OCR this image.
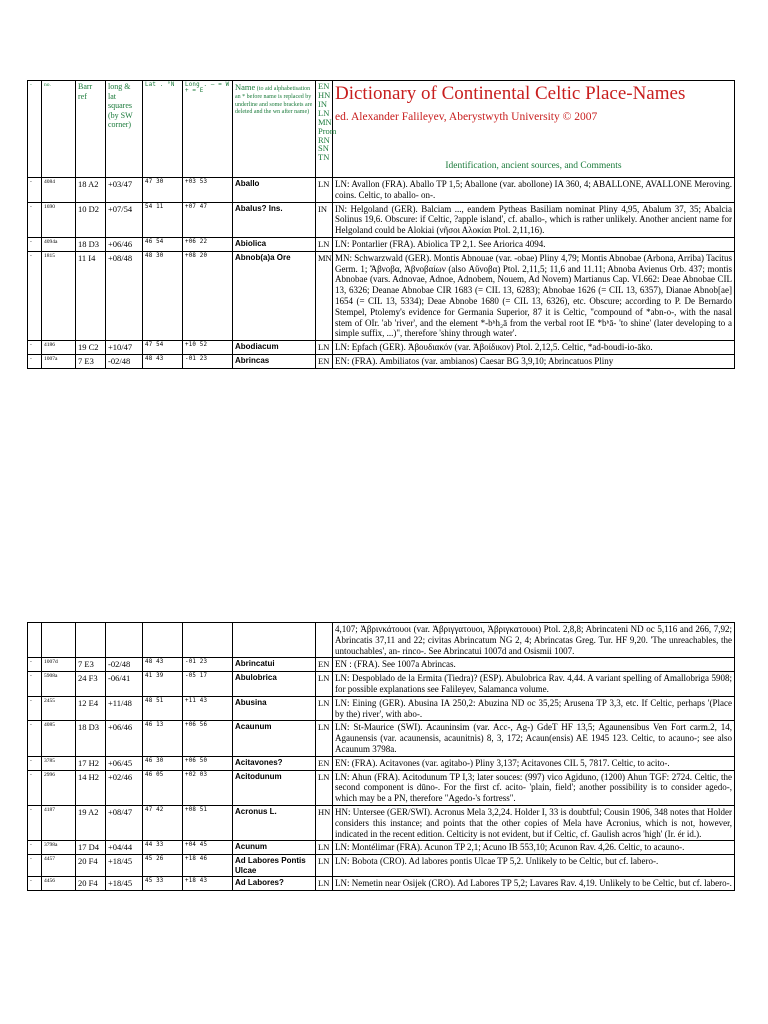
-	no.	Barr ref	long & lat squares (by SW corner)	Lat . °N	Long . – = W + = E	Name (to aid alphabetisation an * before name is replaced by underline and some brackets are deleted and the wn after name)	EN HN IN LN MN Prom RN SN TN	Dictionary of Continental Celtic Place-Names
ed. Alexander Falileyev, Aberystwyth University © 2007
Identification, ancient sources, and Comments

-	4084	18 A2	+03/47	47 30	+03 53	Aballo	LN	LN: Avallon (FRA). Aballo TP 1,5; Aballone (var. abollone) IA 360, 4; ABALLONE, AVALLONE Meroving. coins. Celtic, to aballo- on-.
-	1690	10 D2	+07/54	54 11	+07 47	Abalus? Ins.	IN	IN: Helgoland (GER). Balciam ..., eandem Pytheas Basiliam nominat Pliny 4,95, Abalum 37, 35; Abalcia Solinus 19,6. Obscure: if Celtic, ?apple island', cf. aballo-, which is rather unlikely. Another ancient name for Helgoland could be Alokiai (νῆσοι Αλοκίαι Ptol. 2,11,16).
-	4094a	18 D3	+06/46	46 54	+06 22	Abiolica	LN	LN: Pontarlier (FRA). Abiolica TP 2,1. See Ariorica 4094.
-	1815	11 I4	+08/48	48 30	+08 20	Abnob(a)a Ore	MN	MN: Schwarzwald (GER). Montis Abnouae (var. -obae) Pliny 4,79; Montis Abnobae (Arbona, Arriba) Tacitus Germ. 1; Ἄβνοβα, Ἀβνοβαίων (also Αὔνοβα) Ptol. 2,11,5; 11,6 and 11.11; Abnoba Avienus Orb. 437; montis Abnobae (vars. Adnovae, Adnoe, Adnobem, Nouem, Ad Novem) Martianus Cap. VI.662: Deae Abnobae CIL 13, 6326; Deanae Abnobae CIR 1683 (= CIL 13, 6283); Abnobae 1626 (= CIL 13, 6357), Dianae Abnob[ae] 1654 (= CIL 13, 5334); Deae Abnobe 1680 (= CIL 13, 6326), etc. Obscure; according to P. De Bernardo Stempel, Ptolemy's evidence for Germania Superior, 87 it is Celtic, "compound of *abn-o-, with the nasal stem of OIr. 'ab 'river', and the element *-bʰh₂ā from the verbal root IE *bʰā- 'to shine' (later developing to a simple suffix, ...)", therefore 'shiny through water'.
-	4186	19 C2	+10/47	47 54	+10 52	Abodiacum	LN	LN: Epfach (GER). Ἀβουδιακόν (var. Ἀβοίδικον) Ptol. 2,12,5. Celtic, *ad-boudi-io-āko.
-	1007a	7 E3	-02/48	48 43	-01 23	Abrincas	EN	EN: (FRA). Ambiliatos (var. ambianos) Caesar BG 3,9,10; Abrincatuos Pliny
								4,107; Ἀβρινκάτουοι (var. Ἀβριγγατουοι, Ἀβριγκατουοι) Ptol. 2,8,8; Abrincateni ND oc 5,116 and 266, 7,92; Abrincatis 37,11 and 22; civitas Abrincatum NG 2, 4; Abrincatas Greg. Tur. HF 9,20. 'The unreachables, the untouchables', an- rinco-. See Abrincatui 1007d and Osismii 1007.
-	1007d	7 E3	-02/48	48 43	-01 23	Abrincatui	EN	EN : (FRA). See 1007a Abrincas.
-	5908a	24 F3	-06/41	41 39	-05 17	Abulobrica	LN	LN: Despoblado de la Ermita (Tiedra)? (ESP). Abulobrica Rav. 4,44. A variant spelling of Amallobriga 5908; for possible explanations see Falileyev, Salamanca volume.
-	2455	12 E4	+11/48	48 51	+11 43	Abusina	LN	LN: Eining (GER). Abusina IA 250,2: Abuzina ND oc 35,25; Arusena TP 3,3, etc. If Celtic, perhaps '(Place by the) river', with abo-.
-	4085	18 D3	+06/46	46 13	+06 56	Acaunum	LN	LN: St-Maurice (SWI). Acauninsim (var. Acc-, Ag-) GdeT HF 13,5; Agaunensibus Ven Fort carm.2, 14, Agaunensis (var. acaunensis, acaunitnis) 8, 3, 172; Acaun(ensis) AE 1945 123. Celtic, to acauno-; see also Acaunum 3798a.
-	3785	17 H2	+06/45	46 30	+06 50	Acitavones?	EN	EN: (FRA). Acitavones (var. agitabo-) Pliny 3,137; Acitavones CIL 5, 7817. Celtic, to acito-.
-	2996	14 H2	+02/46	46 05	+02 03	Acitodunum	LN	LN: Ahun (FRA). Acitodunum TP I,3; later souces: (997) vico Agiduno, (1200) Ahun TGF: 2724. Celtic, the second component is dūno-. For the first cf. acito- 'plain, field'; another possibility is to consider agedo-, which may be a PN, therefore "Agedo-'s fortress".
-	4187	19 A2	+08/47	47 42	+08 51	Acronus L.	HN	HN: Untersee (GER/SWI). Acronus Mela 3,2,24. Holder I, 33 is doubtful; Cousin 1906, 348 notes that Holder considers this instance; and points that the other copies of Mela have Acronius, which is not, however, indicated in the recent edition. Celticity is not evident, but if Celtic, cf. Gaulish acros 'high' (Ir. ér id.).
-	3798a	17 D4	+04/44	44 33	+04 45	Acunum	LN	LN: Montélimar (FRA). Acunon TP 2,1; Acuno IB 553,10; Acunon Rav. 4,26. Celtic, to acauno-.
-	4457	20 F4	+18/45	45 26	+18 46	Ad Labores Pontis Ulcae	LN	LN: Bobota (CRO). Ad labores pontis Ulcae TP 5,2. Unlikely to be Celtic, but cf. labero-.
-	4456	20 F4	+18/45	45 33	+18 43	Ad Labores?	LN	LN: Nemetin near Osijek (CRO). Ad Labores TP 5,2; Lavares Rav. 4,19. Unlikely to be Celtic, but cf. labero-.
